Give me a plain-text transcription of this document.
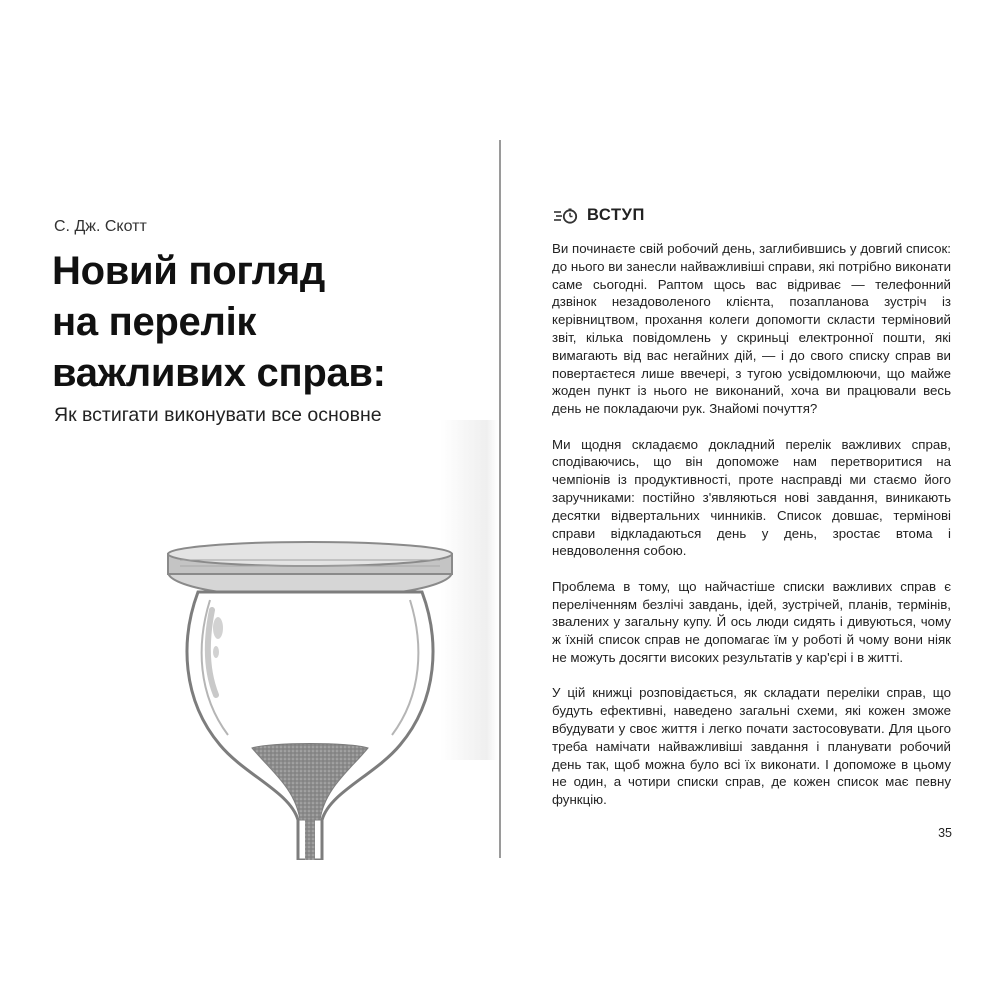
С. Дж. Скотт
Новий погляд
на перелік
важливих справ:
Як встигати виконувати все основне
ВСТУП

Ви починаєте свій робочий день, заглибившись у довгий список: до нього ви занесли найважливіші справи, які потрібно виконати саме сьогодні. Раптом щось вас відриває — телефонний дзвінок незадоволеного клієнта, позапланова зустріч із керівництвом, прохання колеги допомогти скласти терміновий звіт, кілька повідомлень у скриньці електронної пошти, які вимагають від вас негайних дій, — і до свого списку справ ви повертаєтеся лише ввечері, з тугою усвідомлюючи, що майже жоден пункт із нього не виконаний, хоча ви працювали весь день не покладаючи рук. Знайомі почуття?

Ми щодня складаємо докладний перелік важливих справ, сподіваючись, що він допоможе нам перетворитися на чемпіонів із продуктивності, проте насправді ми стаємо його заручниками: постійно з'являються нові завдання, виникають десятки відвертальних чинників. Список довшає, термінові справи відкладаються день у день, зростає втома і невдоволення собою.

Проблема в тому, що найчастіше списки важливих справ є переліченням безлічі завдань, ідей, зустрічей, планів, термінів, звалених у загальну купу. Й ось люди сидять і дивуються, чому ж їхній список справ не допомагає їм у роботі й чому вони ніяк не можуть досягти високих результатів у кар'єрі і в житті.

У цій книжці розповідається, як складати переліки справ, що будуть ефективні, наведено загальні схеми, які кожен зможе вбудувати у своє життя і легко почати застосовувати. Для цього треба намічати найважливіші завдання і планувати робочий день так, щоб можна було всі їх виконати. І допоможе в цьому не один, а чотири списки справ, де кожен список має певну функцію.

35
